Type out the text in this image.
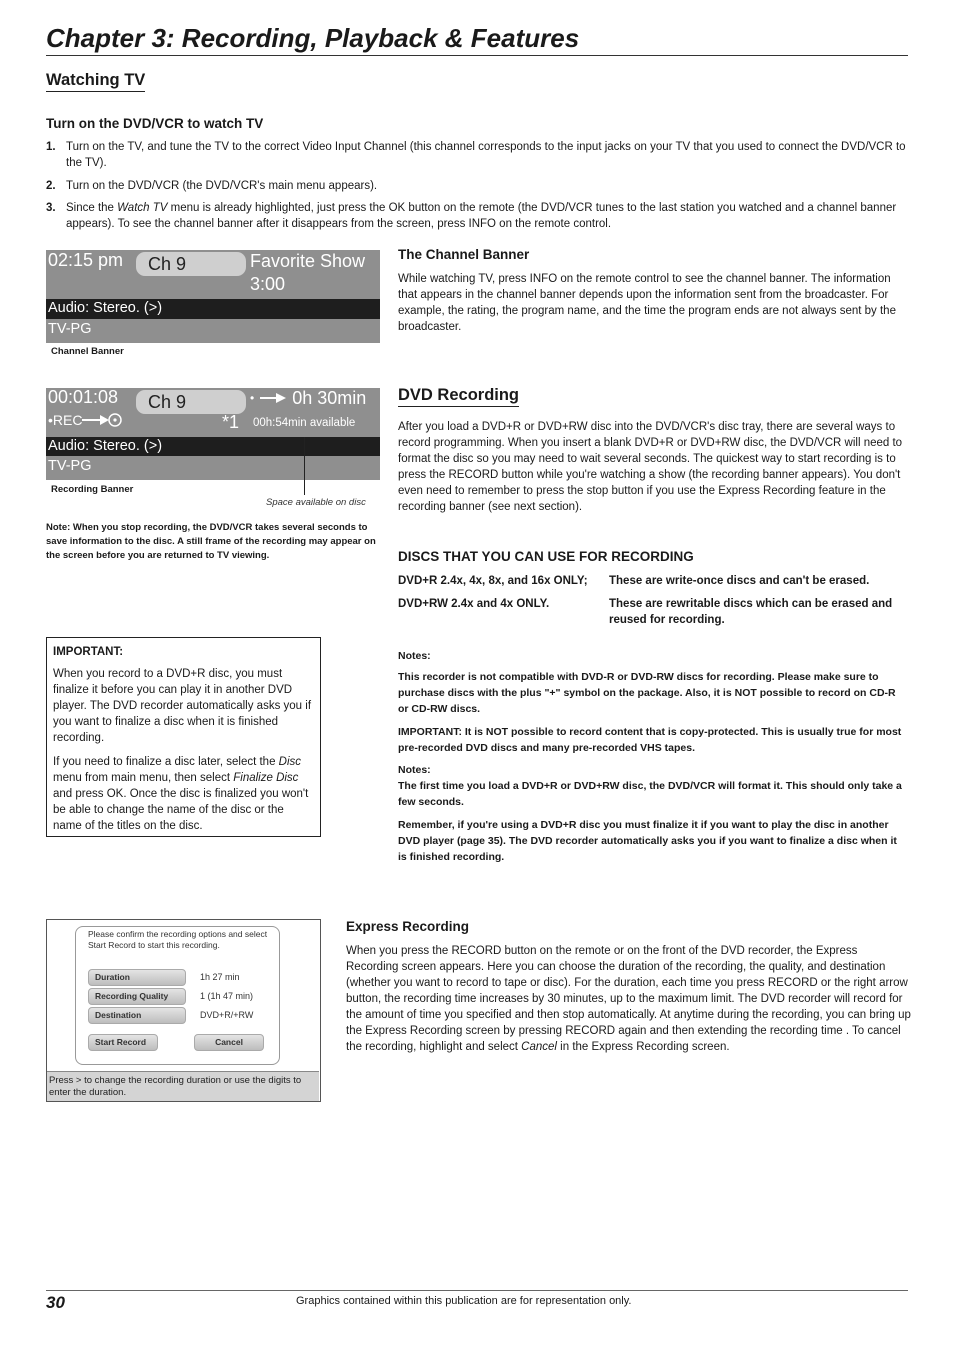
Chapter 3: Recording, Playback & Features
Watching TV
Turn on the DVD/VCR to watch TV
1. Turn on the TV, and tune the TV to the correct Video Input Channel (this channel corresponds to the input jacks on your TV that you used to connect the DVD/VCR to the TV).
2. Turn on the DVD/VCR (the DVD/VCR's main menu appears).
3. Since the Watch TV menu is already highlighted, just press the OK button on the remote (the DVD/VCR tunes to the last station you watched and a channel banner appears). To see the channel banner after it disappears from the screen, press INFO on the remote control.
02:15 pm	Ch 9	Favorite Show
3:00
Audio: Stereo. (>)
TV-PG
Channel Banner
The Channel Banner
While watching TV, press INFO on the remote control to see the channel banner. The information that appears in the channel banner depends upon the information sent from the broadcaster. For example, the rating, the program name, and the time the program ends are not always sent by the broadcaster.
00:01:08	Ch 9
•REC	*1
• 0h 30min
00h:54min available
Audio: Stereo. (>)
TV-PG
Recording Banner
Space available on disc
Note: When you stop recording, the DVD/VCR takes several seconds to save information to the disc. A still frame of the recording may appear on the screen before you are returned to TV viewing.
DVD Recording
After you load a DVD+R or DVD+RW disc into the DVD/VCR's disc tray, there are several ways to record programming. When you insert a blank DVD+R or DVD+RW disc, the DVD/VCR will need to format the disc so you may need to wait several seconds. The quickest way to start recording is to press the RECORD button while you're watching a show (the recording banner appears). You don't even need to remember to press the stop button if you use the Express Recording feature in the recording banner (see next section).
DISCS THAT YOU CAN USE FOR RECORDING
DVD+R 2.4x, 4x, 8x, and 16x ONLY;	These are write-once discs and can't be erased.
DVD+RW 2.4x and 4x ONLY.	These are rewritable discs which can be erased and reused for recording.
Notes:
This recorder is not compatible with DVD-R or DVD-RW discs for recording. Please make sure to purchase discs with the plus "+" symbol on the package. Also, it is NOT possible to record on CD-R or CD-RW discs.
IMPORTANT: It is NOT possible to record content that is copy-protected. This is usually true for most pre-recorded DVD discs and many pre-recorded VHS tapes.
Notes:
The first time you load a DVD+R or DVD+RW disc, the DVD/VCR will format it. This should only take a few seconds.
Remember, if you're using a DVD+R disc you must finalize it if you want to play the disc in another DVD player (page 35). The DVD recorder automatically asks you if you want to finalize a disc when it is finished recording.

IMPORTANT:

When you record to a DVD+R disc, you must finalize it before you can play it in another DVD player. The DVD recorder automatically asks you if you want to finalize a disc when it is finished recording.

If you need to finalize a disc later, select the Disc menu from main menu, then select Finalize Disc and press OK. Once the disc is finalized you won't be able to change the name of the disc or the name of the titles on the disc.

Please confirm the recording options and select Start Record to start this recording.
Duration	1h 27 min
Recording Quality	1 (1h 47 min)
Destination	DVD+R/+RW
Start Record	Cancel
Press > to change the recording duration or use the digits to enter the duration.
Express Recording
When you press the RECORD button on the remote or on the front of the DVD recorder, the Express Recording screen appears. Here you can choose the duration of the recording, the quality, and destination (whether you want to record to tape or disc). For the duration, each time you press RECORD or the right arrow button, the recording time increases by 30 minutes, up to the maximum limit. The DVD recorder will record for the amount of time you specified and then stop automatically. At anytime during the recording, you can bring up the Express Recording screen by pressing RECORD again and then extending the recording time . To cancel the recording, highlight and select Cancel in the Express Recording screen.
30	Graphics contained within this publication are for representation only.
